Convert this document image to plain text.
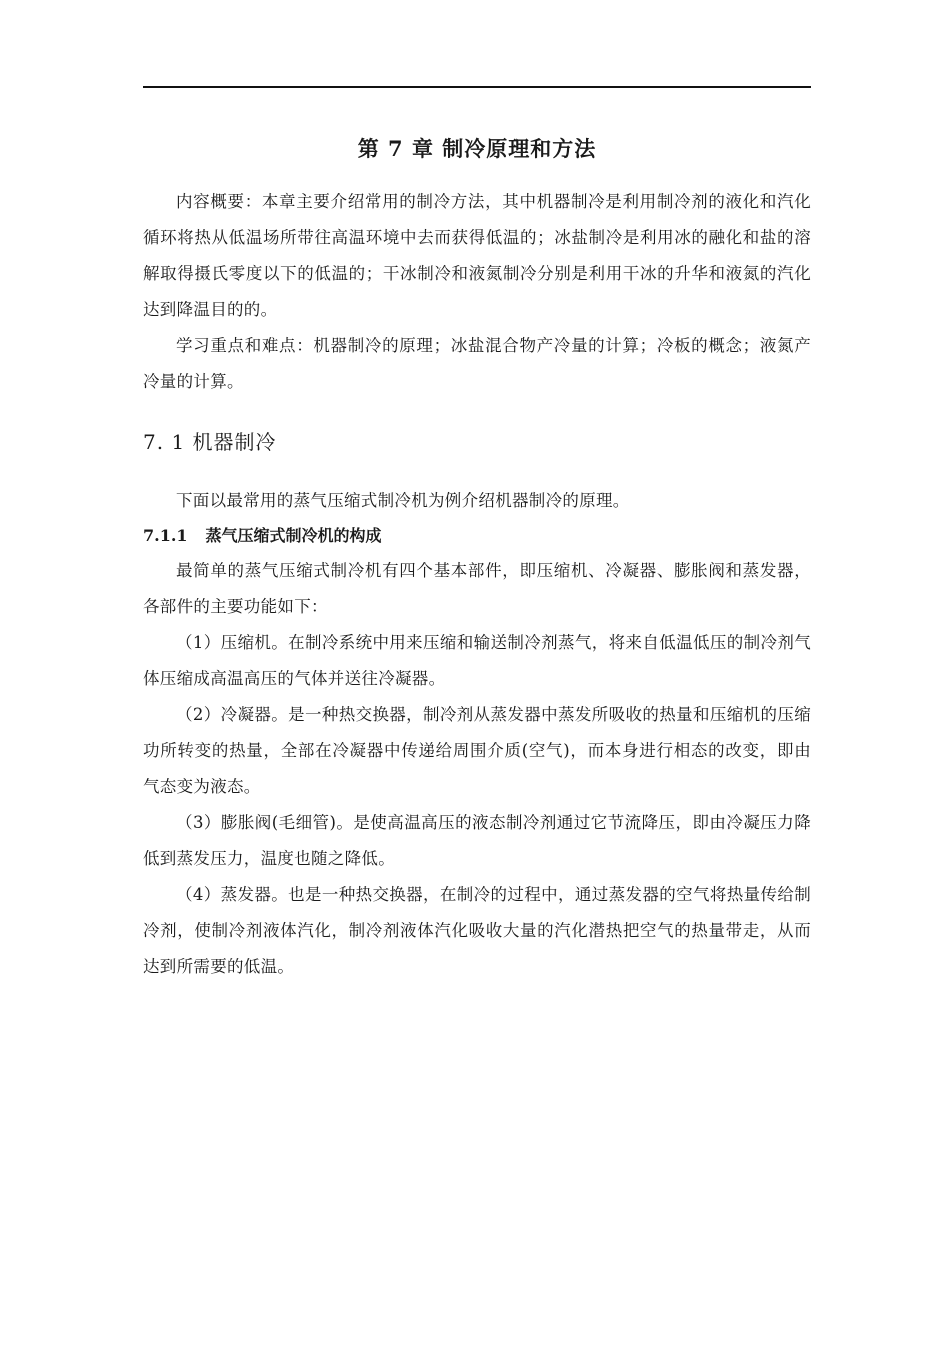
第 7 章 制冷原理和方法

内容概要：本章主要介绍常用的制冷方法，其中机器制冷是利用制冷剂的液化和汽化循环将热从低温场所带往高温环境中去而获得低温的；冰盐制冷是利用冰的融化和盐的溶解取得摄氏零度以下的低温的；干冰制冷和液氮制冷分别是利用干冰的升华和液氮的汽化达到降温目的的。

学习重点和难点：机器制冷的原理；冰盐混合物产冷量的计算；冷板的概念；液氮产冷量的计算。

7. 1 机器制冷

下面以最常用的蒸气压缩式制冷机为例介绍机器制冷的原理。

7.1.1 蒸气压缩式制冷机的构成

最简单的蒸气压缩式制冷机有四个基本部件，即压缩机、冷凝器、膨胀阀和蒸发器，各部件的主要功能如下：

（1）压缩机。在制冷系统中用来压缩和输送制冷剂蒸气，将来自低温低压的制冷剂气体压缩成高温高压的气体并送往冷凝器。

（2）冷凝器。是一种热交换器，制冷剂从蒸发器中蒸发所吸收的热量和压缩机的压缩功所转变的热量，全部在冷凝器中传递给周围介质(空气)，而本身进行相态的改变，即由气态变为液态。

（3）膨胀阀(毛细管)。是使高温高压的液态制冷剂通过它节流降压，即由冷凝压力降低到蒸发压力，温度也随之降低。

（4）蒸发器。也是一种热交换器，在制冷的过程中，通过蒸发器的空气将热量传给制冷剂，使制冷剂液体汽化，制冷剂液体汽化吸收大量的汽化潜热把空气的热量带走，从而达到所需要的低温。
